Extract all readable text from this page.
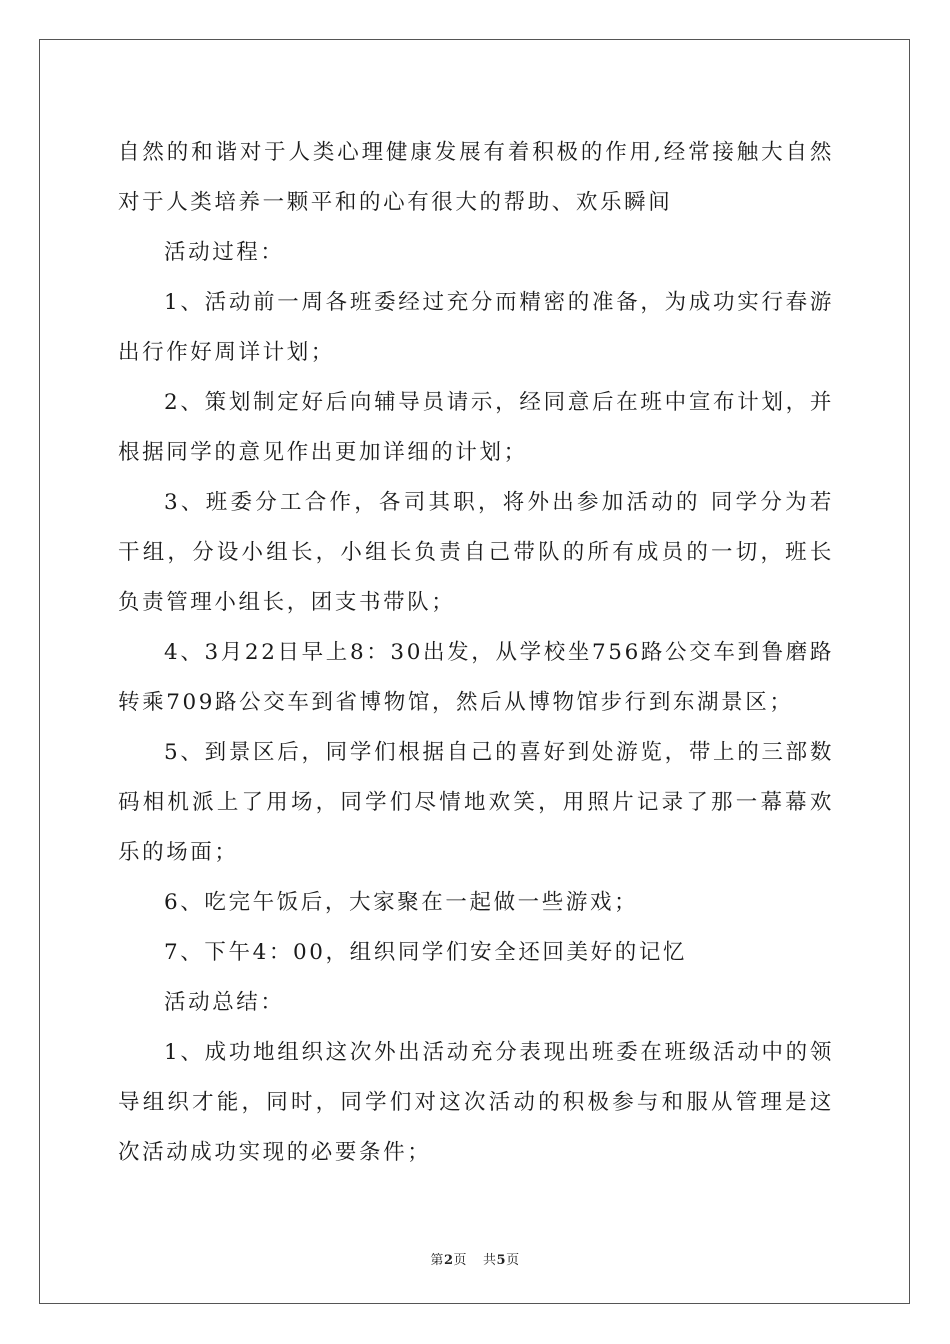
自然的和谐对于人类心理健康发展有着积极的作用,经常接触大自然对于人类培养一颗平和的心有很大的帮助、欢乐瞬间

活动过程：

1、活动前一周各班委经过充分而精密的准备，为成功实行春游出行作好周详计划；

2、策划制定好后向辅导员请示，经同意后在班中宣布计划，并根据同学的意见作出更加详细的计划；

3、班委分工合作，各司其职，将外出参加活动的 同学分为若干组，分设小组长，小组长负责自己带队的所有成员的一切，班长负责管理小组长，团支书带队；

4、3月22日早上8：30出发，从学校坐756路公交车到鲁磨路转乘709路公交车到省博物馆，然后从博物馆步行到东湖景区；

5、到景区后，同学们根据自己的喜好到处游览，带上的三部数码相机派上了用场，同学们尽情地欢笑，用照片记录了那一幕幕欢乐的场面；

6、吃完午饭后，大家聚在一起做一些游戏；

7、下午4：00，组织同学们安全还回美好的记忆

活动总结：

1、成功地组织这次外出活动充分表现出班委在班级活动中的领导组织才能，同时，同学们对这次活动的积极参与和服从管理是这次活动成功实现的必要条件；

第2页 共5页
